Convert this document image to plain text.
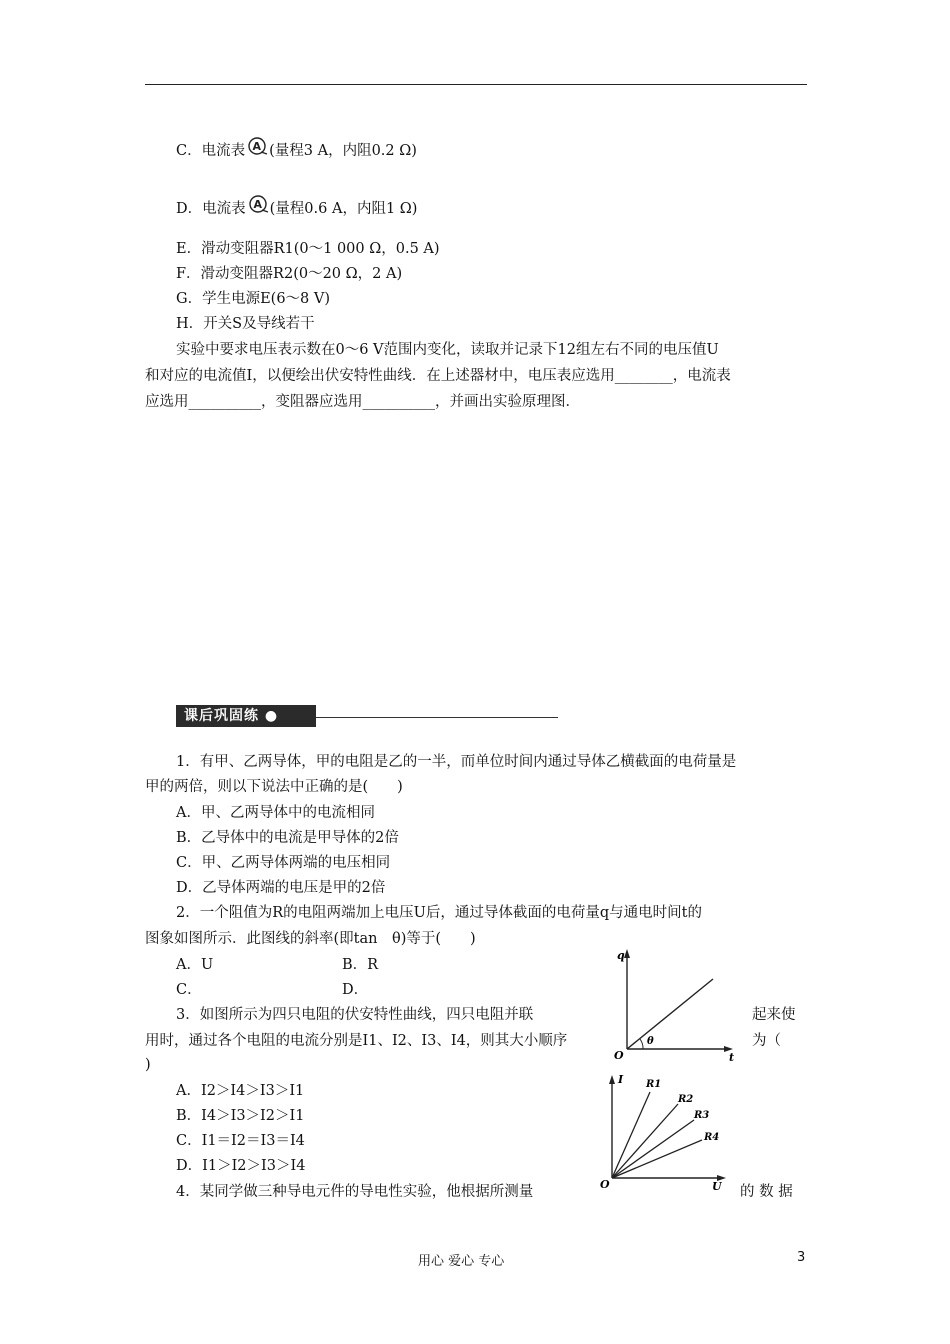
C．电流表 A (量程3 A，内阻0.2 Ω)
D．电流表 A (量程0.6 A，内阻1 Ω)
E．滑动变阻器R1(0～1 000 Ω，0.5 A)
F．滑动变阻器R2(0～20 Ω，2 A)
G．学生电源E(6～8 V)
H．开关S及导线若干
实验中要求电压表示数在0～6 V范围内变化，读取并记录下12组左右不同的电压值U
和对应的电流值I，以便绘出伏安特性曲线．在上述器材中，电压表应选用________，电流表
应选用__________，变阻器应选用__________，并画出实验原理图．
课后巩固练 ●
1．有甲、乙两导体，甲的电阻是乙的一半，而单位时间内通过导体乙横截面的电荷量是
甲的两倍，则以下说法中正确的是(　　)
A．甲、乙两导体中的电流相同
B．乙导体中的电流是甲导体的2倍
C．甲、乙两导体两端的电压相同
D．乙导体两端的电压是甲的2倍
2．一个阻值为R的电阻两端加上电压U后，通过导体截面的电荷量q与通电时间t的
图象如图所示．此图线的斜率(即tan　θ)等于(　　)
A．U	B．R
C．	D．
3．如图所示为四只电阻的伏安特性曲线，四只电阻并联	起来使
用时，通过各个电阻的电流分别是I1、I2、I3、I4，则其大小顺序	为（
)
A．I2＞I4＞I3＞I1
B．I4＞I3＞I2＞I1
C．I1＝I2＝I3＝I4
D．I1＞I2＞I3＞I4
4．某同学做三种导电元件的导电性实验，他根据所测量	的 数 据
q
t
O
θ
I
U
O
R1
R2
R3
R4
用心 爱心 专心	3
